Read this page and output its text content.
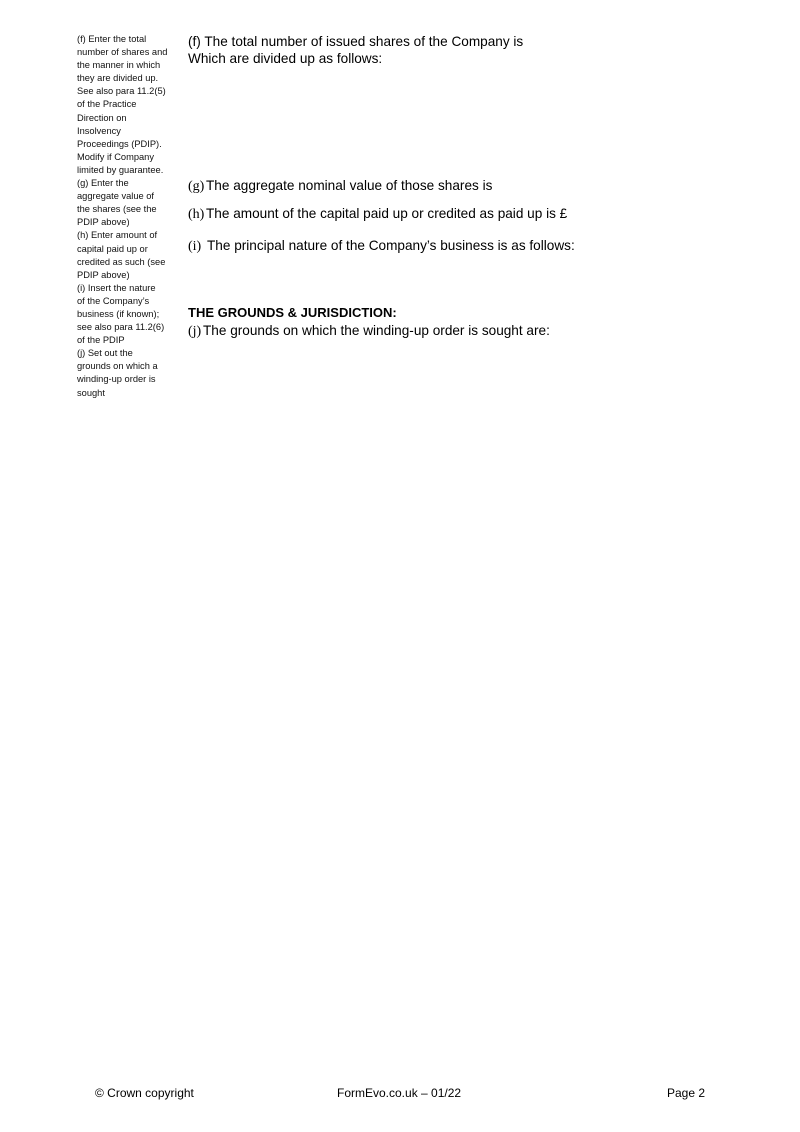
(f) Enter the total
number of shares and
the manner in which
they are divided up.
See also para 11.2(5)
of the Practice
Direction on
Insolvency
Proceedings (PDIP).
Modify if Company
limited by guarantee.
(g) Enter the
aggregate value of
the shares (see the
PDIP above)
(h) Enter amount of
capital paid up or
credited as such (see
PDIP above)
(i) Insert the nature
of the Company’s
business (if known);
see also para 11.2(6)
of the PDIP
(j) Set out the
grounds on which a
winding-up order is
sought
(f) The total number of issued shares of the Company is
Which are divided up as follows:
(g) The aggregate nominal value of those shares is
(h) The amount of the capital paid up or credited as paid up is £
(i) The principal nature of the Company’s business is as follows:
THE GROUNDS & JURISDICTION:
(j) The grounds on which the winding-up order is sought are:
© Crown copyright	FormEvo.co.uk – 01/22	Page 2
